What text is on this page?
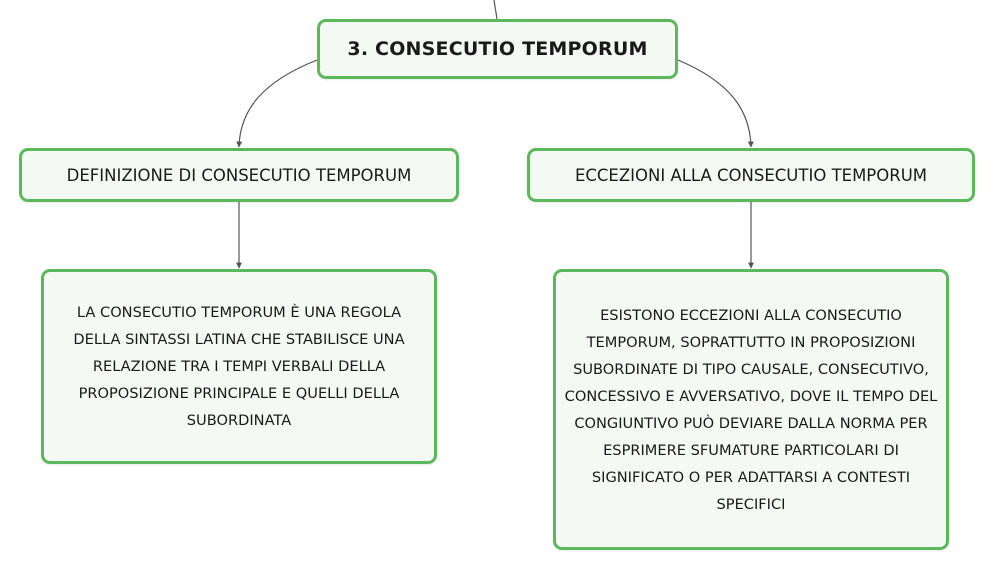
3. CONSECUTIO TEMPORUM
DEFINIZIONE DI CONSECUTIO TEMPORUM	ECCEZIONI ALLA CONSECUTIO TEMPORUM
LA CONSECUTIO TEMPORUM È UNA REGOLA DELLA SINTASSI LATINA CHE STABILISCE UNA RELAZIONE TRA I TEMPI VERBALI DELLA PROPOSIZIONE PRINCIPALE E QUELLI DELLA SUBORDINATA
ESISTONO ECCEZIONI ALLA CONSECUTIO TEMPORUM, SOPRATTUTTO IN PROPOSIZIONI SUBORDINATE DI TIPO CAUSALE, CONSECUTIVO, CONCESSIVO E AVVERSATIVO, DOVE IL TEMPO DEL CONGIUNTIVO PUÒ DEVIARE DALLA NORMA PER ESPRIMERE SFUMATURE PARTICOLARI DI SIGNIFICATO O PER ADATTARSI A CONTESTI SPECIFICI
